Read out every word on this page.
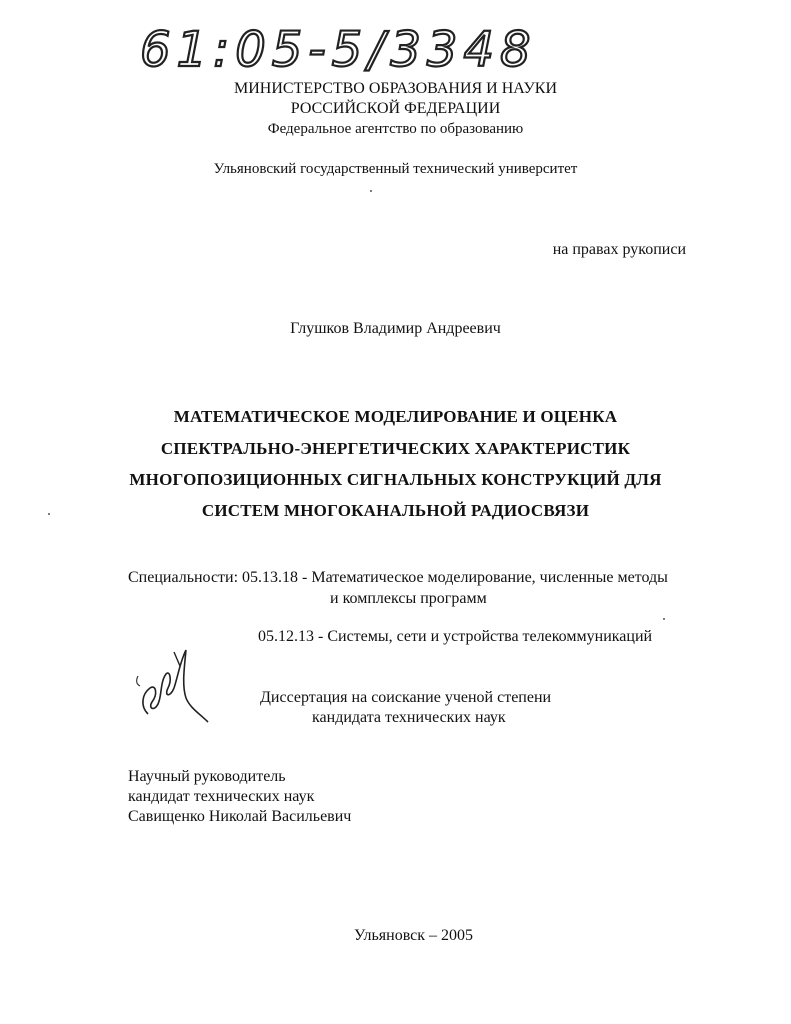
61:05-5/3348
МИНИСТЕРСТВО ОБРАЗОВАНИЯ И НАУКИ
РОССИЙСКОЙ ФЕДЕРАЦИИ
Федеральное агентство по образованию
Ульяновский государственный технический университет
на правах рукописи
Глушков Владимир Андреевич
МАТЕМАТИЧЕСКОЕ МОДЕЛИРОВАНИЕ И ОЦЕНКА
СПЕКТРАЛЬНО-ЭНЕРГЕТИЧЕСКИХ ХАРАКТЕРИСТИК
МНОГОПОЗИЦИОННЫХ СИГНАЛЬНЫХ КОНСТРУКЦИЙ ДЛЯ
СИСТЕМ МНОГОКАНАЛЬНОЙ РАДИОСВЯЗИ
Специальности: 05.13.18 - Математическое моделирование, численные методы
и комплексы программ
05.12.13 - Системы, сети и устройства телекоммуникаций
Диссертация на соискание ученой степени
кандидата технических наук
Научный руководитель
кандидат технических наук
Савищенко Николай Васильевич
Ульяновск – 2005
